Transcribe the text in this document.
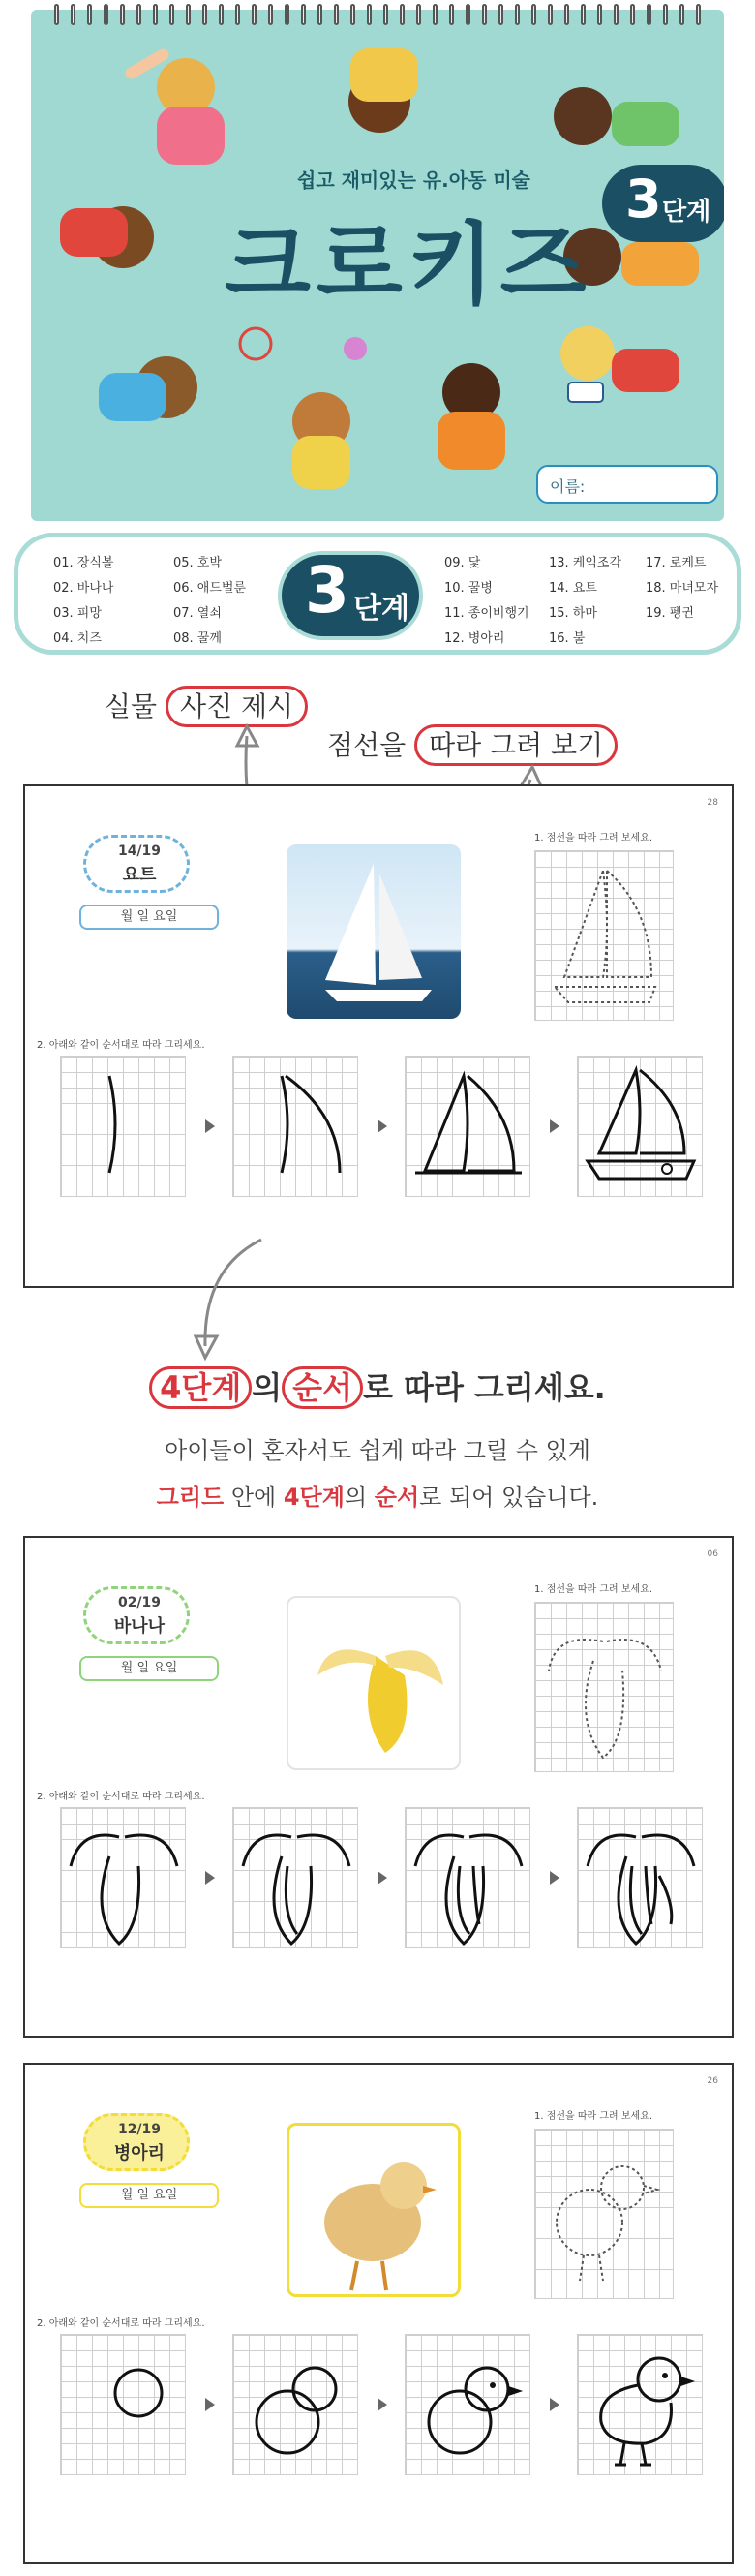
쉽고 재미있는 유.아동 미술
크로키즈
3 단계
이름:
01. 장식볼
02. 바나나
03. 피망
04. 치즈
05. 호박
06. 애드벌룬
07. 열쇠
08. 꿀께
3 단계
09. 닻
10. 꿀병
11. 종이비행기
12. 병아리
13. 케익조각
14. 요트
15. 하마
16. 불
17. 로케트
18. 마녀모자
19. 펭귄
실물 사진 제시
점선을 따라 그려 보기
28
14/19
요트
월 일 요일
1. 점선을 따라 그려 보세요.
2. 아래와 같이 순서대로 따라 그리세요.
4단계 의 순서 로 따라 그리세요.
아이들이 혼자서도 쉽게 따라 그릴 수 있게
그리드 안에 4단계의 순서로 되어 있습니다.
06
02/19
바나나
월 일 요일
1. 점선을 따라 그려 보세요.
2. 아래와 같이 순서대로 따라 그리세요.
26
12/19
병아리
월 일 요일
1. 점선을 따라 그려 보세요.
2. 아래와 같이 순서대로 따라 그리세요.
